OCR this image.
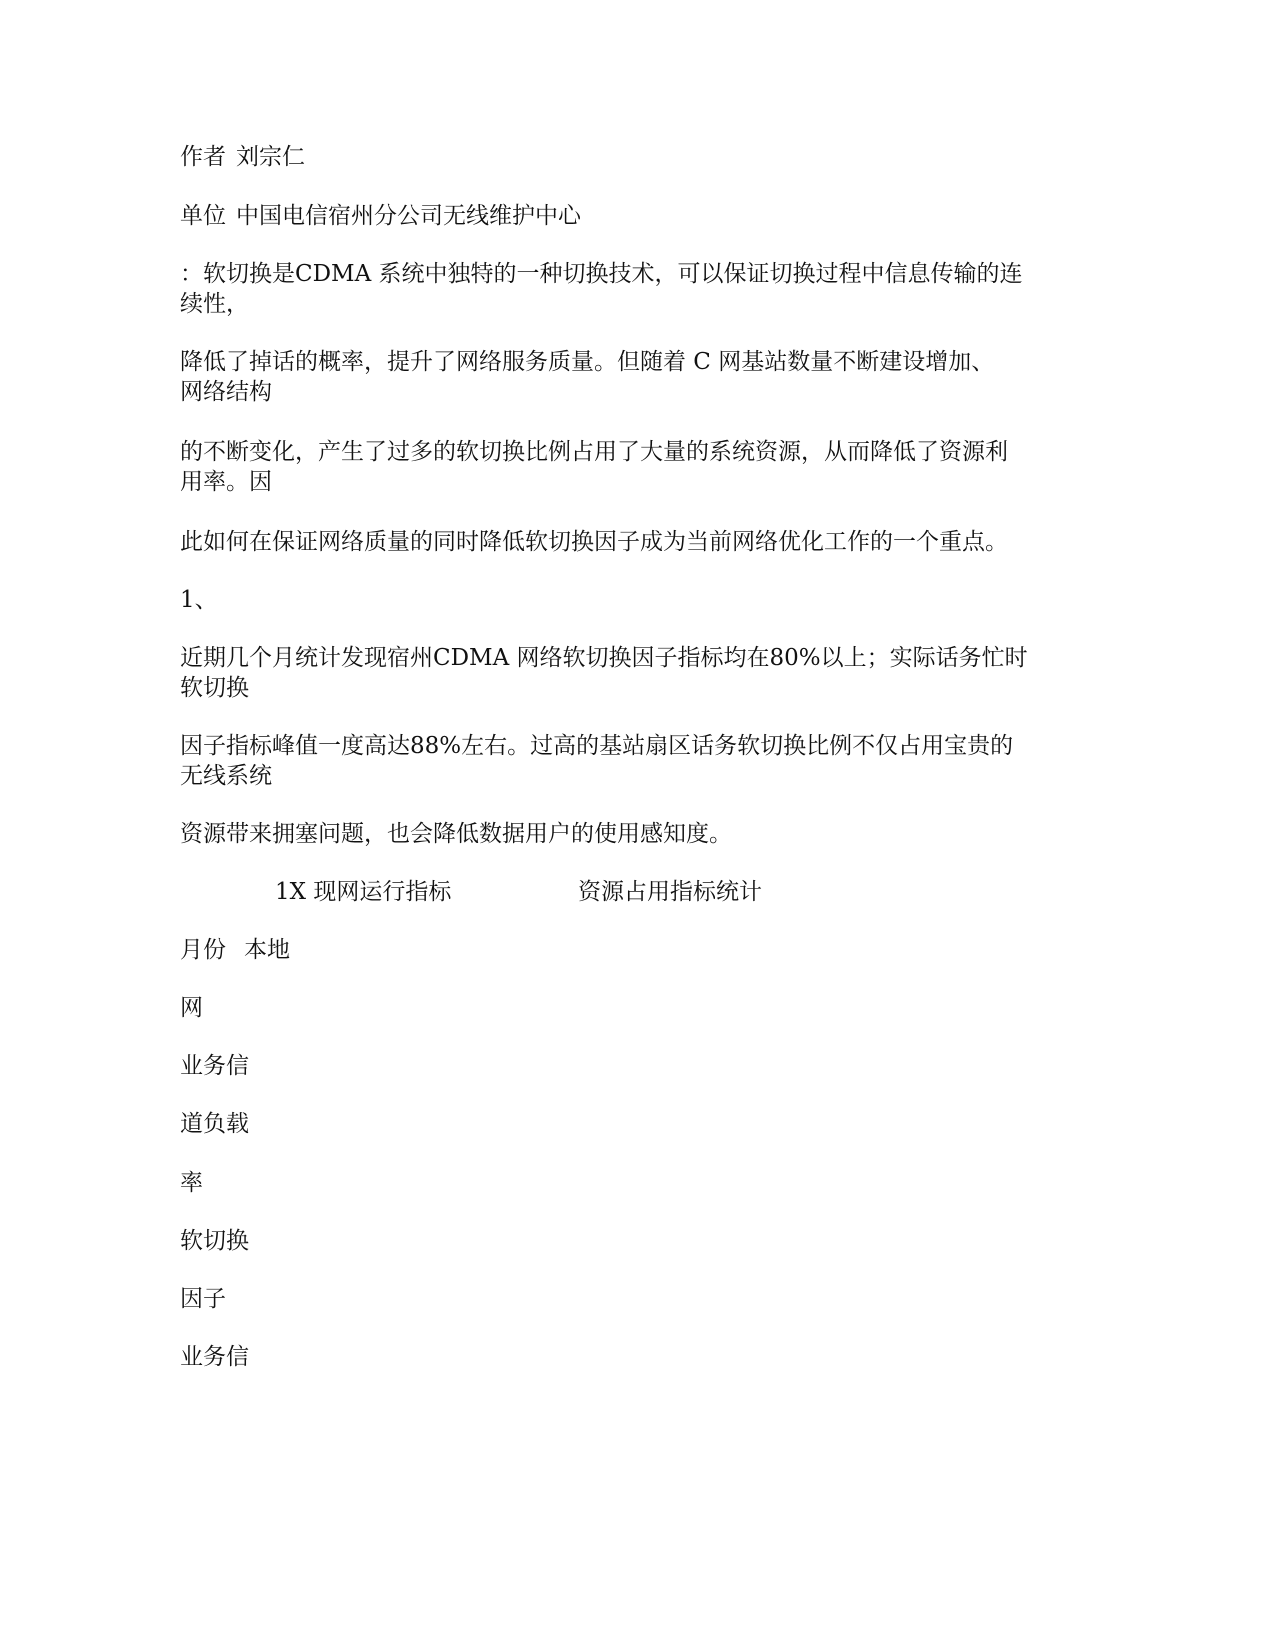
作者 刘宗仁
单位 中国电信宿州分公司无线维护中心
：软切换是CDMA 系统中独特的一种切换技术，可以保证切换过程中信息传输的连
续性，
降低了掉话的概率，提升了网络服务质量。但随着 C 网基站数量不断建设增加、
网络结构
的不断变化，产生了过多的软切换比例占用了大量的系统资源，从而降低了资源利
用率。因
此如何在保证网络质量的同时降低软切换因子成为当前网络优化工作的一个重点。
1、
近期几个月统计发现宿州CDMA 网络软切换因子指标均在80%以上；实际话务忙时
软切换
因子指标峰值一度高达88%左右。过高的基站扇区话务软切换比例不仅占用宝贵的
无线系统
资源带来拥塞问题，也会降低数据用户的使用感知度。
1X 现网运行指标	资源占用指标统计
月份 本地
网
业务信
道负载
率
软切换
因子
业务信
